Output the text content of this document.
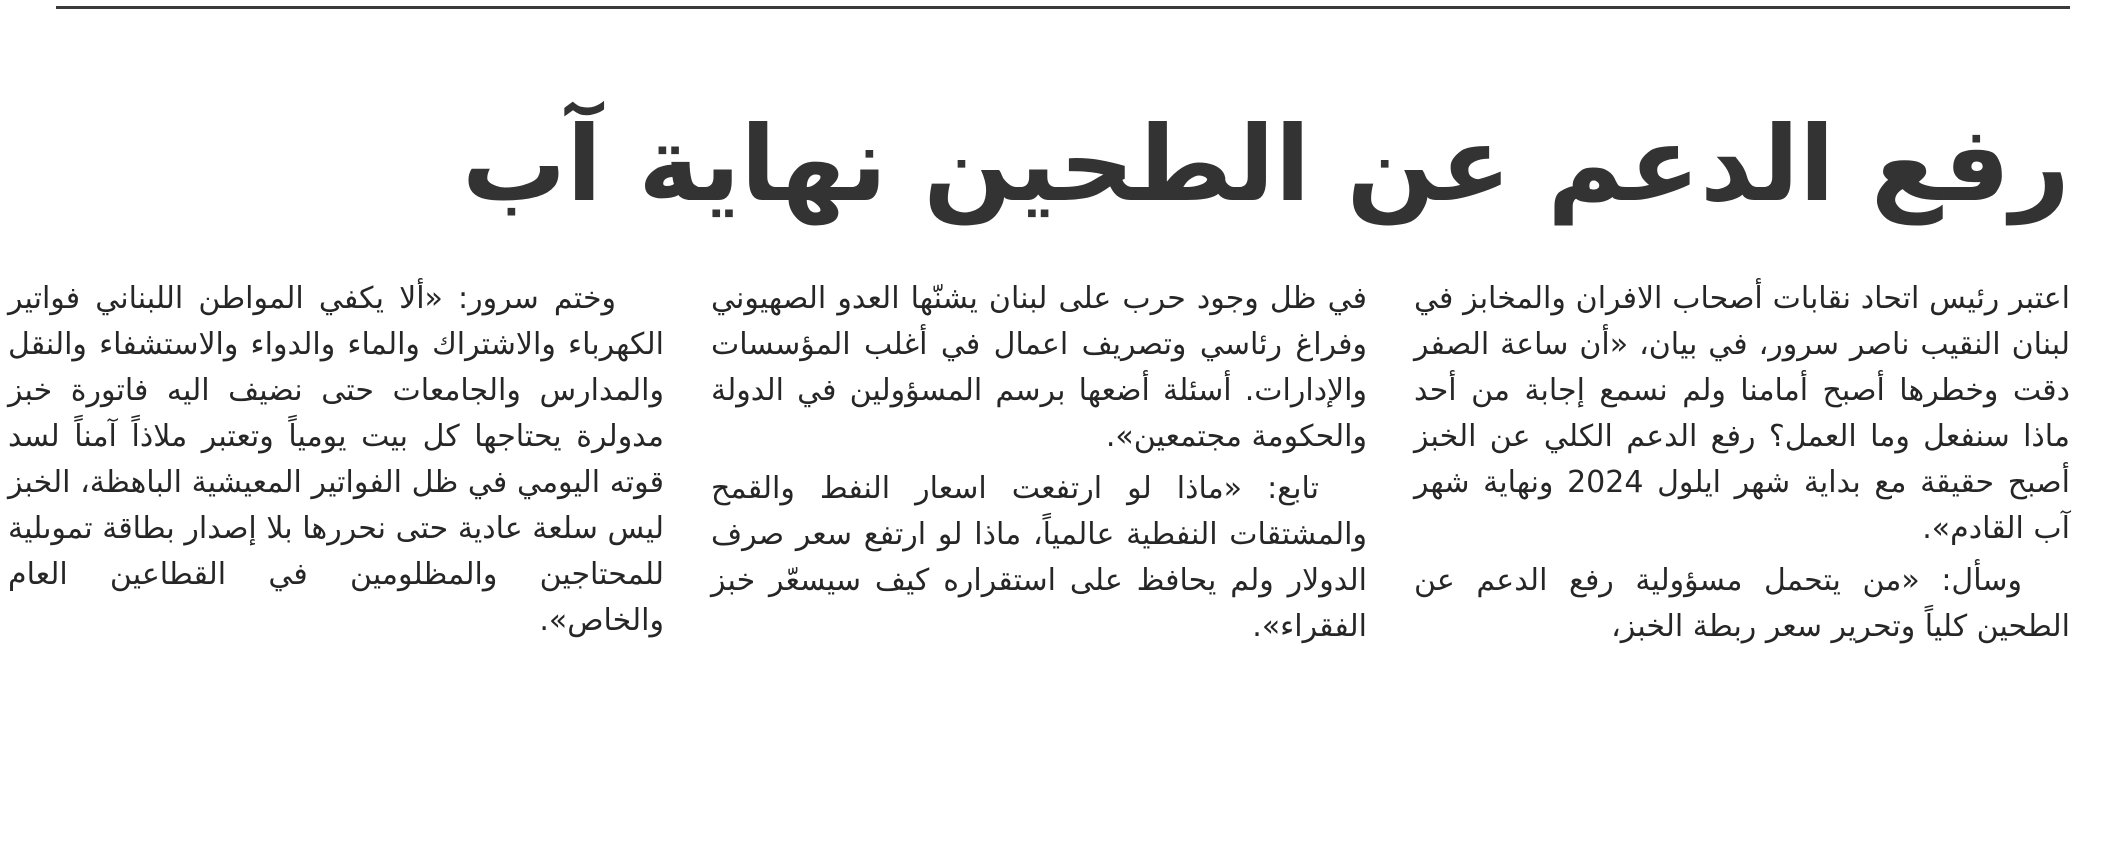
رفع الدعم عن الطحين نهاية آب

اعتبر رئيس اتحاد نقابات أصحاب الافران والمخابز في لبنان النقيب ناصر سرور، في بيان، «أن ساعة الصفر دقت وخطرها أصبح أمامنا ولم نسمع إجابة من أحد ماذا سنفعل وما العمل؟ رفع الدعم الكلي عن الخبز أصبح حقيقة مع بداية شهر ايلول 2024 ونهاية شهر آب القادم».

وسأل: «من يتحمل مسؤولية رفع الدعم عن الطحين كلياً وتحرير سعر ربطة الخبز،

في ظل وجود حرب على لبنان يشنّها العدو الصهيوني وفراغ رئاسي وتصريف اعمال في أغلب المؤسسات والإدارات. أسئلة أضعها برسم المسؤولين في الدولة والحكومة مجتمعين».

تابع: «ماذا لو ارتفعت اسعار النفط والقمح والمشتقات النفطية عالمياً، ماذا لو ارتفع سعر صرف الدولار ولم يحافظ على استقراره كيف سيسعّر خبز الفقراء».

وختم سرور: «ألا يكفي المواطن اللبناني فواتير الكهرباء والاشتراك والماء والدواء والاستشفاء والنقل والمدارس والجامعات حتى نضيف اليه فاتورة خبز مدولرة يحتاجها كل بيت يومياً وتعتبر ملاذاً آمناً لسد قوته اليومي في ظل الفواتير المعيشية الباهظة، الخبز ليس سلعة عادية حتى نحررها بلا إصدار بطاقة تموىلية للمحتاجين والمظلومين في القطاعين العام والخاص».
